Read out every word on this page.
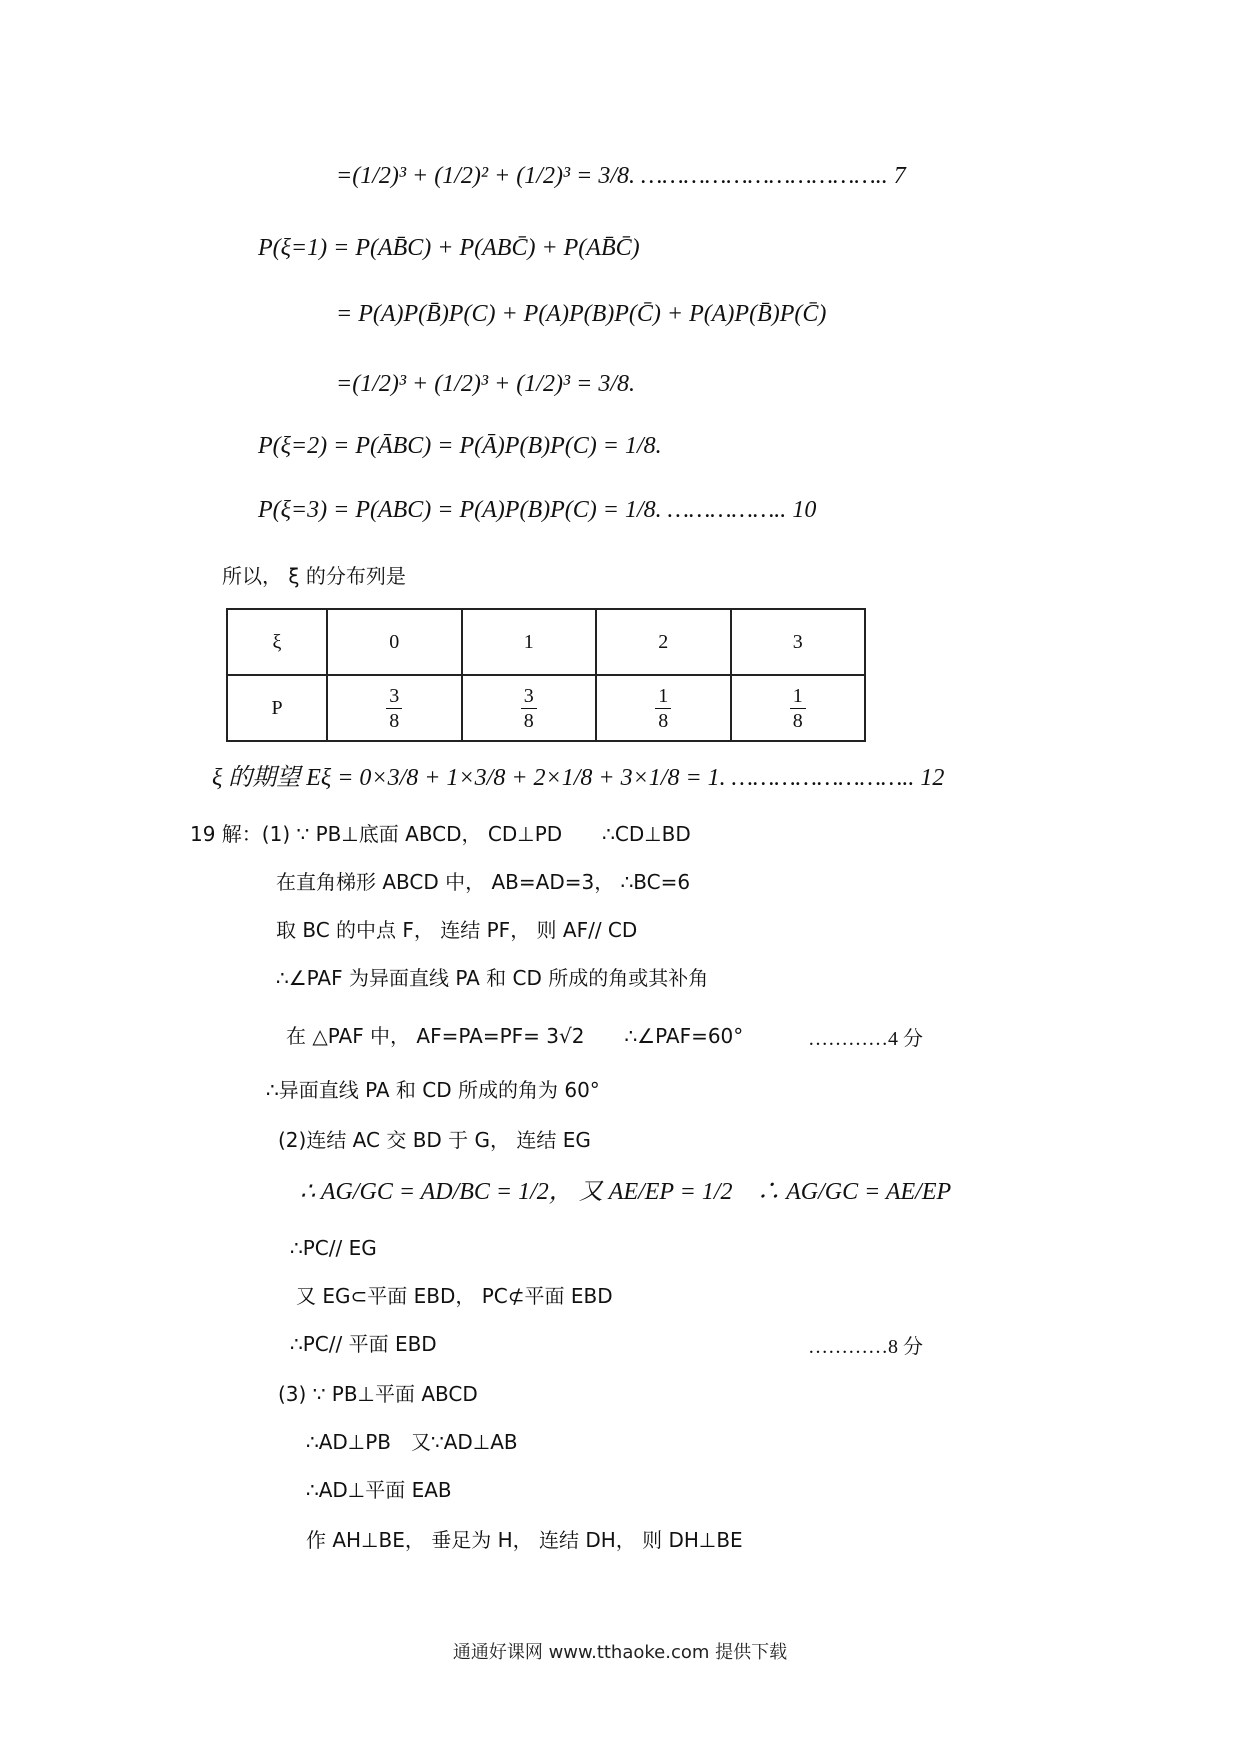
=(1/2)³ + (1/2)² + (1/2)³ = 3/8. …………………………….. 7
P(ξ=1) = P(AB̄C) + P(ABC̄) + P(AB̄C̄)
= P(A)P(B̄)P(C) + P(A)P(B)P(C̄) + P(A)P(B̄)P(C̄)
=(1/2)³ + (1/2)³ + (1/2)³ = 3/8.
P(ξ=2) = P(ĀBC) = P(Ā)P(B)P(C) = 1/8.
P(ξ=3) = P(ABC) = P(A)P(B)P(C) = 1/8. …………….. 10
所以， ξ 的分布列是
ξ	0	1	2	3
P	$\frac{3}{8}$	$\frac{3}{8}$	$\frac{1}{8}$	$\frac{1}{8}$
ξ 的期望 Eξ = 0×3/8 + 1×3/8 + 2×1/8 + 3×1/8 = 1. …………………….. 12
19 解：(1) ∵ PB⊥底面 ABCD， CD⊥PD　　∴CD⊥BD
在直角梯形 ABCD 中， AB=AD=3， ∴BC=6
取 BC 的中点 F， 连结 PF， 则 AF// CD
∴∠PAF 为异面直线 PA 和 CD 所成的角或其补角
在 △PAF 中， AF=PA=PF= 3√2　　∴∠PAF=60°	…………4 分
∴异面直线 PA 和 CD 所成的角为 60°
(2)连结 AC 交 BD 于 G， 连结 EG
∴ AG/GC = AD/BC = 1/2， 又 AE/EP = 1/2　∴ AG/GC = AE/EP
∴PC// EG
又 EG⊂平面 EBD， PC⊄平面 EBD
∴PC// 平面 EBD	…………8 分
(3) ∵ PB⊥平面 ABCD
∴AD⊥PB　又∵AD⊥AB
∴AD⊥平面 EAB
作 AH⊥BE， 垂足为 H， 连结 DH， 则 DH⊥BE
通通好课网 www.tthaoke.com 提供下载
